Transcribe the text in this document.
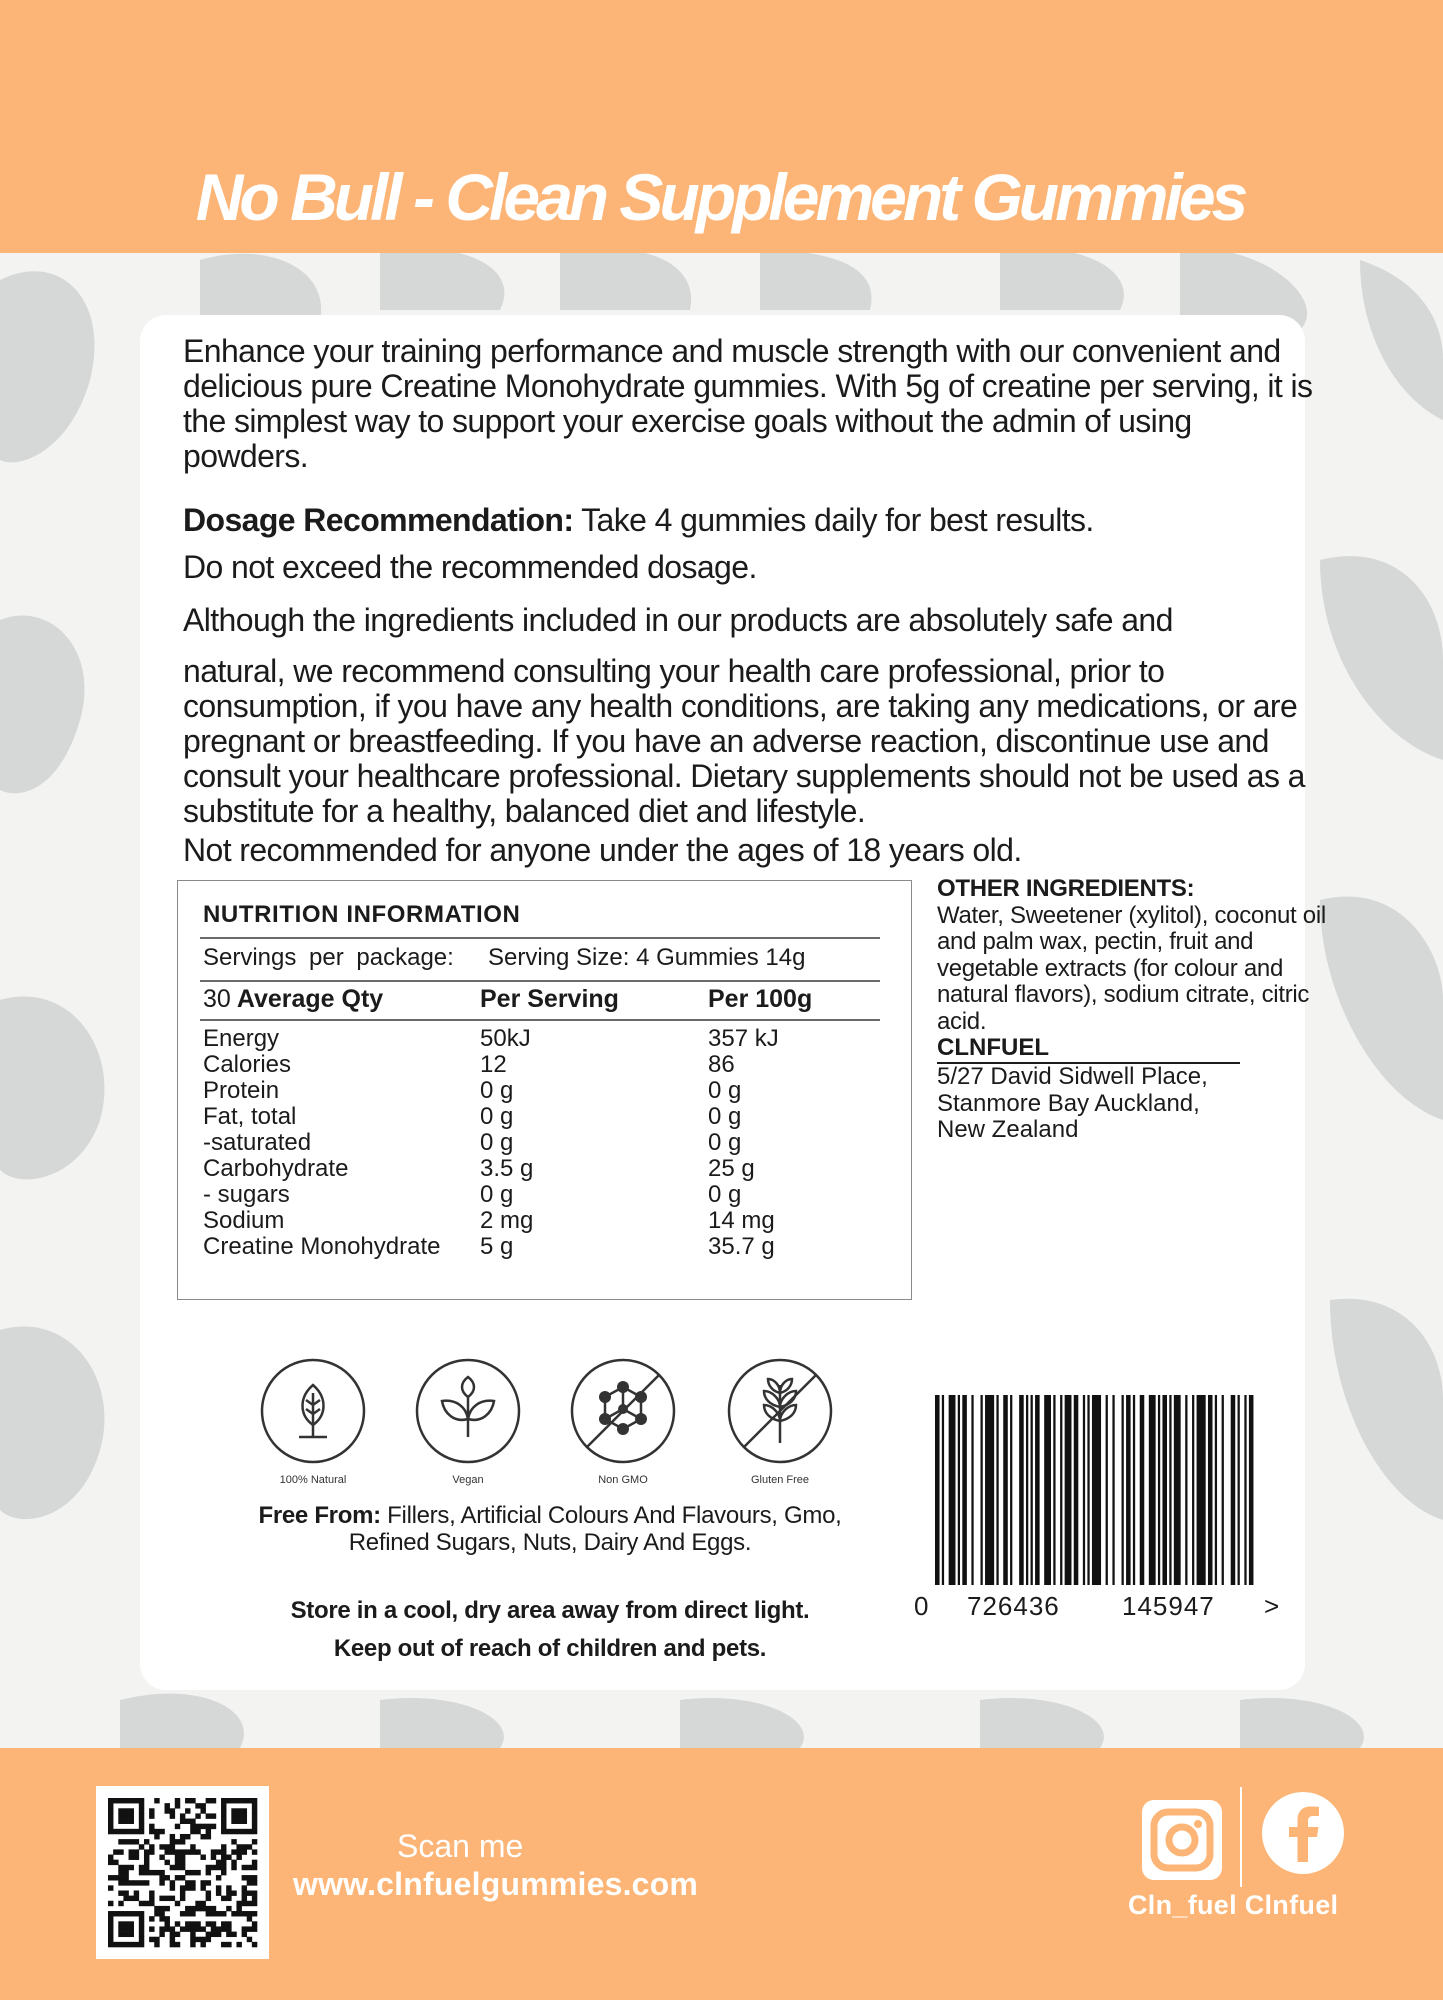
No Bull - Clean Supplement Gummies

Enhance your training performance and muscle strength with our convenient and delicious pure Creatine Monohydrate gummies. With 5g of creatine per serving, it is the simplest way to support your exercise goals without the admin of using powders.

Dosage Recommendation: Take 4 gummies daily for best results.
Do not exceed the recommended dosage.
Although the ingredients included in our products are absolutely safe and

natural, we recommend consulting your health care professional, prior to consumption, if you have any health conditions, are taking any medications, or are pregnant or breastfeeding. If you have an adverse reaction, discontinue use and consult your healthcare professional. Dietary supplements should not be used as a substitute for a healthy, balanced diet and lifestyle.

Not recommended for anyone under the ages of 18 years old.
NUTRITION INFORMATION
Servings per package: Serving Size: 4 Gummies 14g
30 Average Qty	Per Serving	Per 100g
Energy	50kJ	357 kJ
Calories	12	86
Protein	0 g	0 g
Fat, total	0 g	0 g
-saturated	0 g	0 g
Carbohydrate	3.5 g	25 g
- sugars	0 g	0 g
Sodium	2 mg	14 mg
Creatine Monohydrate 5 g	35.7 g
OTHER INGREDIENTS:
Water, Sweetener (xylitol), coconut oil and palm wax, pectin, fruit and vegetable extracts (for colour and natural flavors), sodium citrate, citric acid.
CLNFUEL
5/27 David Sidwell Place,
Stanmore Bay Auckland,
New Zealand
100% Natural	Vegan	Non GMO	Gluten Free
Free From: Fillers, Artificial Colours And Flavours, Gmo,
Refined Sugars, Nuts, Dairy And Eggs.
Store in a cool, dry area away from direct light.
Keep out of reach of children and pets.
0 726436 145947 >
Scan me
www.clnfuelgummies.com
Cln_fuel Clnfuel
